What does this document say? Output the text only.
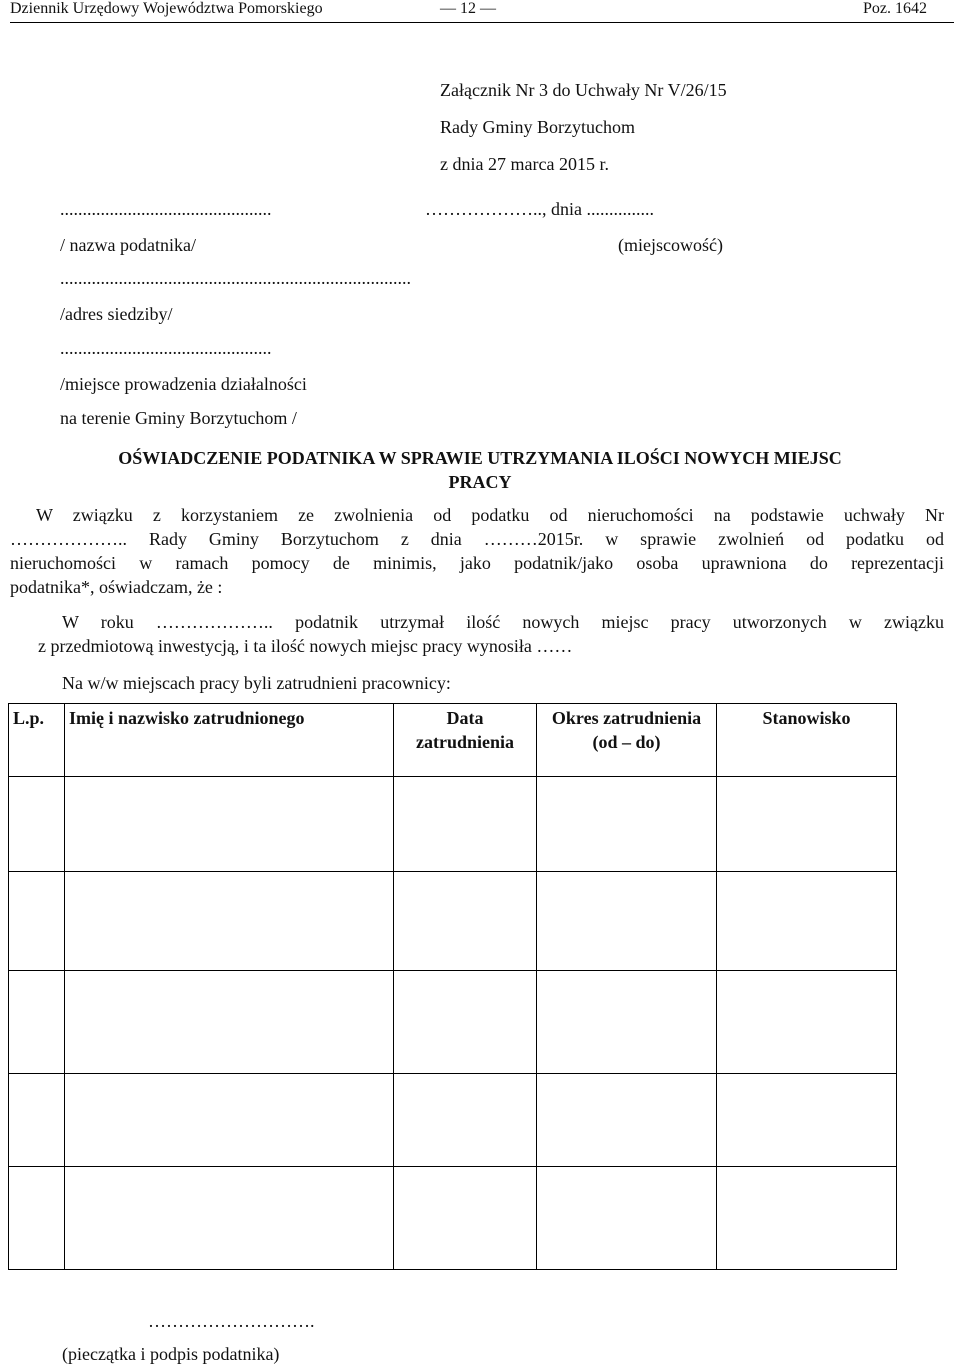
Dziennik Urzędowy Województwa Pomorskiego	— 12 —	Poz. 1642
Załącznik Nr 3 do Uchwały Nr V/26/15
Rady Gminy Borzytuchom
z dnia 27 marca 2015 r.
...............................................	……………….., dnia ...............
/ nazwa podatnika/	(miejscowość)
..............................................................................
/adres siedziby/
...............................................
/miejsce prowadzenia działalności
na terenie Gminy Borzytuchom /
OŚWIADCZENIE PODATNIKA W SPRAWIE UTRZYMANIA ILOŚCI NOWYCH MIEJSC
PRACY
W związku z korzystaniem ze zwolnienia od podatku od nieruchomości na podstawie uchwały Nr
……………….. Rady Gminy Borzytuchom z dnia ………2015r. w sprawie zwolnień od podatku od
nieruchomości w ramach pomocy de minimis, jako podatnik/jako osoba uprawniona do reprezentacji
podatnika*, oświadczam, że :
W roku ……………….. podatnik utrzymał ilość nowych miejsc pracy utworzonych w związku
z przedmiotową inwestycją, i ta ilość nowych miejsc pracy wynosiła ……
Na w/w miejscach pracy byli zatrudnieni pracownicy:
L.p.	Imię i nazwisko zatrudnionego	Data zatrudnienia	Okres zatrudnienia (od – do)	Stanowisko

……………………….
(pieczątka i podpis podatnika)
